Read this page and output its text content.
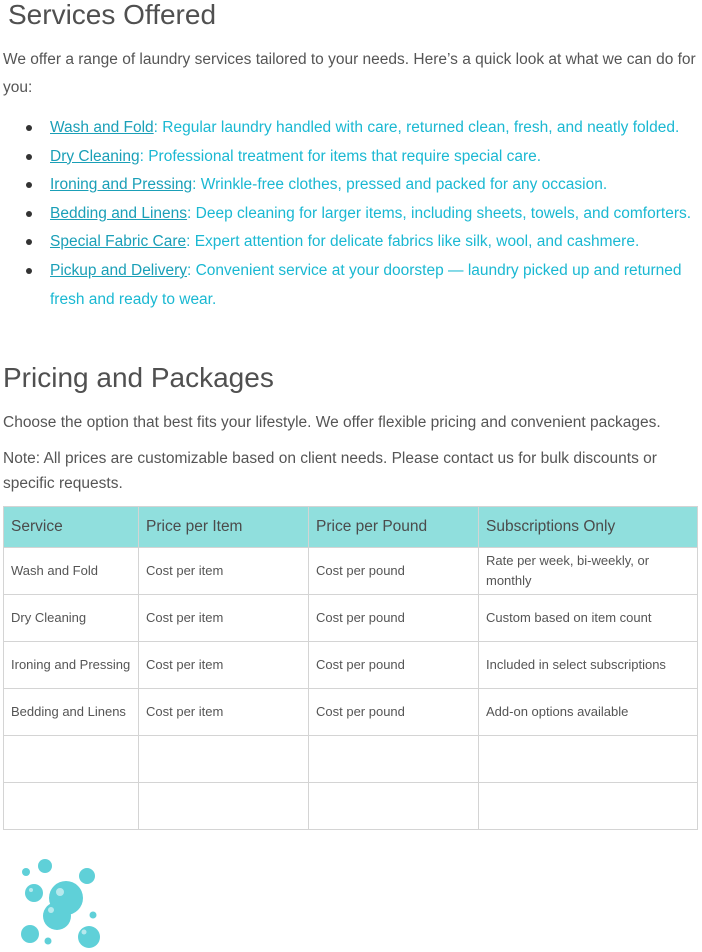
Services Offered

We offer a range of laundry services tailored to your needs. Here’s a quick look at what we can do for you:

Wash and Fold: Regular laundry handled with care, returned clean, fresh, and neatly folded.
Dry Cleaning: Professional treatment for items that require special care.
Ironing and Pressing: Wrinkle-free clothes, pressed and packed for any occasion.
Bedding and Linens: Deep cleaning for larger items, including sheets, towels, and comforters.
Special Fabric Care: Expert attention for delicate fabrics like silk, wool, and cashmere.
Pickup and Delivery: Convenient service at your doorstep — laundry picked up and returned fresh and ready to wear.
Pricing and Packages

Choose the option that best fits your lifestyle. We offer flexible pricing and convenient packages.

Note: All prices are customizable based on client needs. Please contact us for bulk discounts or specific requests.

Service	Price per Item	Price per Pound	Subscriptions Only
Wash and Fold	Cost per item	Cost per pound	Rate per week, bi-weekly, or monthly
Dry Cleaning	Cost per item	Cost per pound	Custom based on item count
Ironing and Pressing	Cost per item	Cost per pound	Included in select subscriptions
Bedding and Linens	Cost per item	Cost per pound	Add-on options available
